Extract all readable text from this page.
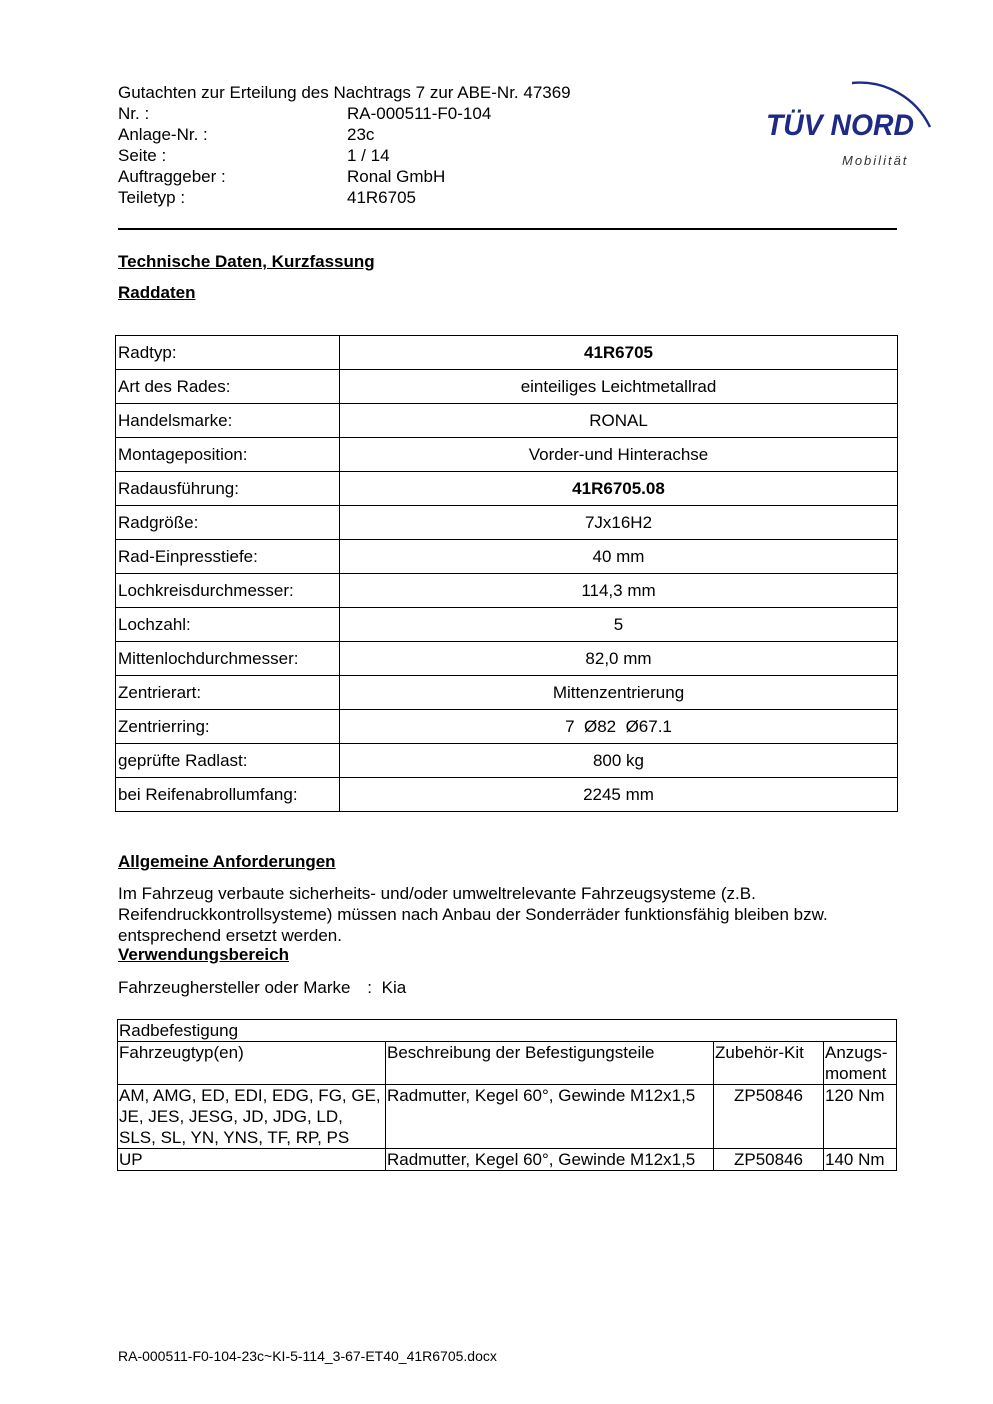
Gutachten zur Erteilung des Nachtrags 7 zur ABE-Nr. 47369
Nr. :	RA-000511-F0-104
Anlage-Nr. :	23c
Seite :	1 / 14
Auftraggeber :	Ronal GmbH
Teiletyp :	41R6705
TÜV NORD
Mobilität
Technische Daten, Kurzfassung
Raddaten
Radtyp:	41R6705
Art des Rades:	einteiliges Leichtmetallrad
Handelsmarke:	RONAL
Montageposition:	Vorder-und Hinterachse
Radausführung:	41R6705.08
Radgröße:	7Jx16H2
Rad-Einpresstiefe:	40 mm
Lochkreisdurchmesser:	114,3 mm
Lochzahl:	5
Mittenlochdurchmesser:	82,0 mm
Zentrierart:	Mittenzentrierung
Zentrierring:	7  Ø82  Ø67.1
geprüfte Radlast:	800 kg
bei Reifenabrollumfang:	2245 mm
Allgemeine Anforderungen
Im Fahrzeug verbaute sicherheits- und/oder umweltrelevante Fahrzeugsysteme (z.B. Reifendruckkontrollsysteme) müssen nach Anbau der Sonderräder funktionsfähig bleiben bzw. entsprechend ersetzt werden.
Verwendungsbereich
Fahrzeughersteller oder Marke : Kia
Radbefestigung			
Fahrzeugtyp(en)	Beschreibung der Befestigungsteile	Zubehör-Kit	Anzugs-
moment
AM, AMG, ED, EDI, EDG, FG, GE, JE, JES, JESG, JD, JDG, LD, SLS, SL, YN, YNS, TF, RP, PS	Radmutter, Kegel 60°, Gewinde M12x1,5	ZP50846	120 Nm
UP	Radmutter, Kegel 60°, Gewinde M12x1,5	ZP50846	140 Nm
RA-000511-F0-104-23c~KI-5-114_3-67-ET40_41R6705.docx
